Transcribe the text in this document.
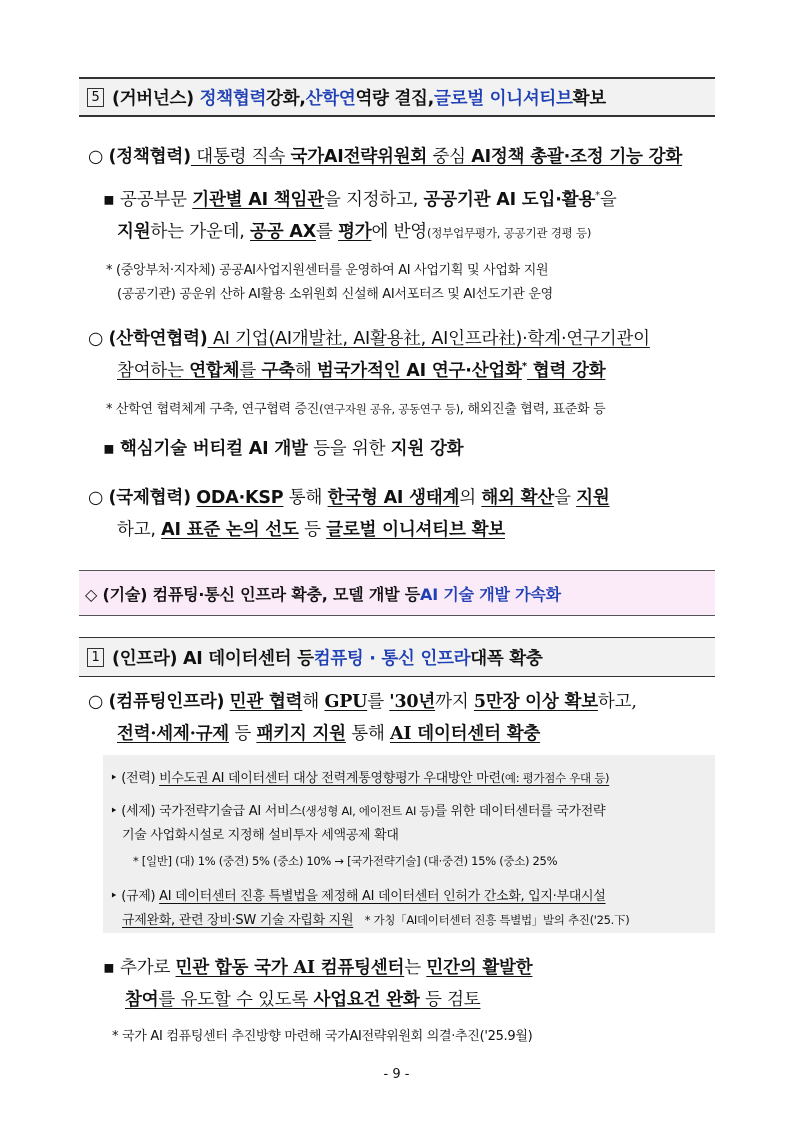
5 (거버넌스)
정책협력 강화, 산학연 역량 결집, 글로벌 이니셔티브 확보
○ (정책협력) 대통령 직속 국가AI전략위원회 중심 AI정책 총괄·조정 기능 강화
▪ 공공부문 기관별 AI 책임관을 지정하고, 공공기관 AI 도입·활용*을
지원하는 가운데, 공공 AX를 평가에 반영(정부업무평가, 공공기관 경평 등)
* (중앙부처·지자체) 공공AI사업지원센터를 운영하여 AI 사업기획 및 사업화 지원
(공공기관) 공운위 산하 AI활용 소위원회 신설해 AI서포터즈 및 AI선도기관 운영
○ (산학연협력) AI 기업(AI개발社, AI활용社, AI인프라社)·학계·연구기관이
참여하는 연합체를 구축해 범국가적인 AI 연구·산업화* 협력 강화
* 산학연 협력체계 구축, 연구협력 증진(연구자원 공유, 공동연구 등), 해외진출 협력, 표준화 등
▪ 핵심기술 버티컬 AI 개발 등을 위한 지원 강화
○ (국제협력) ODA·KSP 통해 한국형 AI 생태계의 해외 확산을 지원
하고, AI 표준 논의 선도 등 글로벌 이니셔티브 확보
◇ (기술) 컴퓨팅·통신 인프라 확충, 모델 개발 등 AI 기술 개발 가속화
1 (인프라) AI 데이터센터 등 컴퓨팅 · 통신 인프라 대폭 확충
○ (컴퓨팅인프라) 민관 협력해 GPU를 '30년까지 5만장 이상 확보하고,
전력·세제·규제 등 패키지 지원 통해 AI 데이터센터 확충
‣ (전력) 비수도권 AI 데이터센터 대상 전력계통영향평가 우대방안 마련(예: 평가점수 우대 등)
‣ (세제) 국가전략기술급 AI 서비스(생성형 AI, 에이전트 AI 등)를 위한 데이터센터를 국가전략
기술 사업화시설로 지정해 설비투자 세액공제 확대
* [일반] (대) 1% (중견) 5% (중소) 10% → [국가전략기술] (대·중견) 15% (중소) 25%
‣ (규제) AI 데이터센터 진흥 특별법을 제정해 AI 데이터센터 인허가 간소화, 입지·부대시설
규제완화, 관련 장비·SW 기술 자립화 지원 * 가칭「AI데이터센터 진흥 특별법」발의 추진('25.下)
▪ 추가로 민관 합동 국가 AI 컴퓨팅센터는 민간의 활발한
참여를 유도할 수 있도록 사업요건 완화 등 검토
* 국가 AI 컴퓨팅센터 추진방향 마련해 국가AI전략위원회 의결·추진('25.9월)
- 9 -
